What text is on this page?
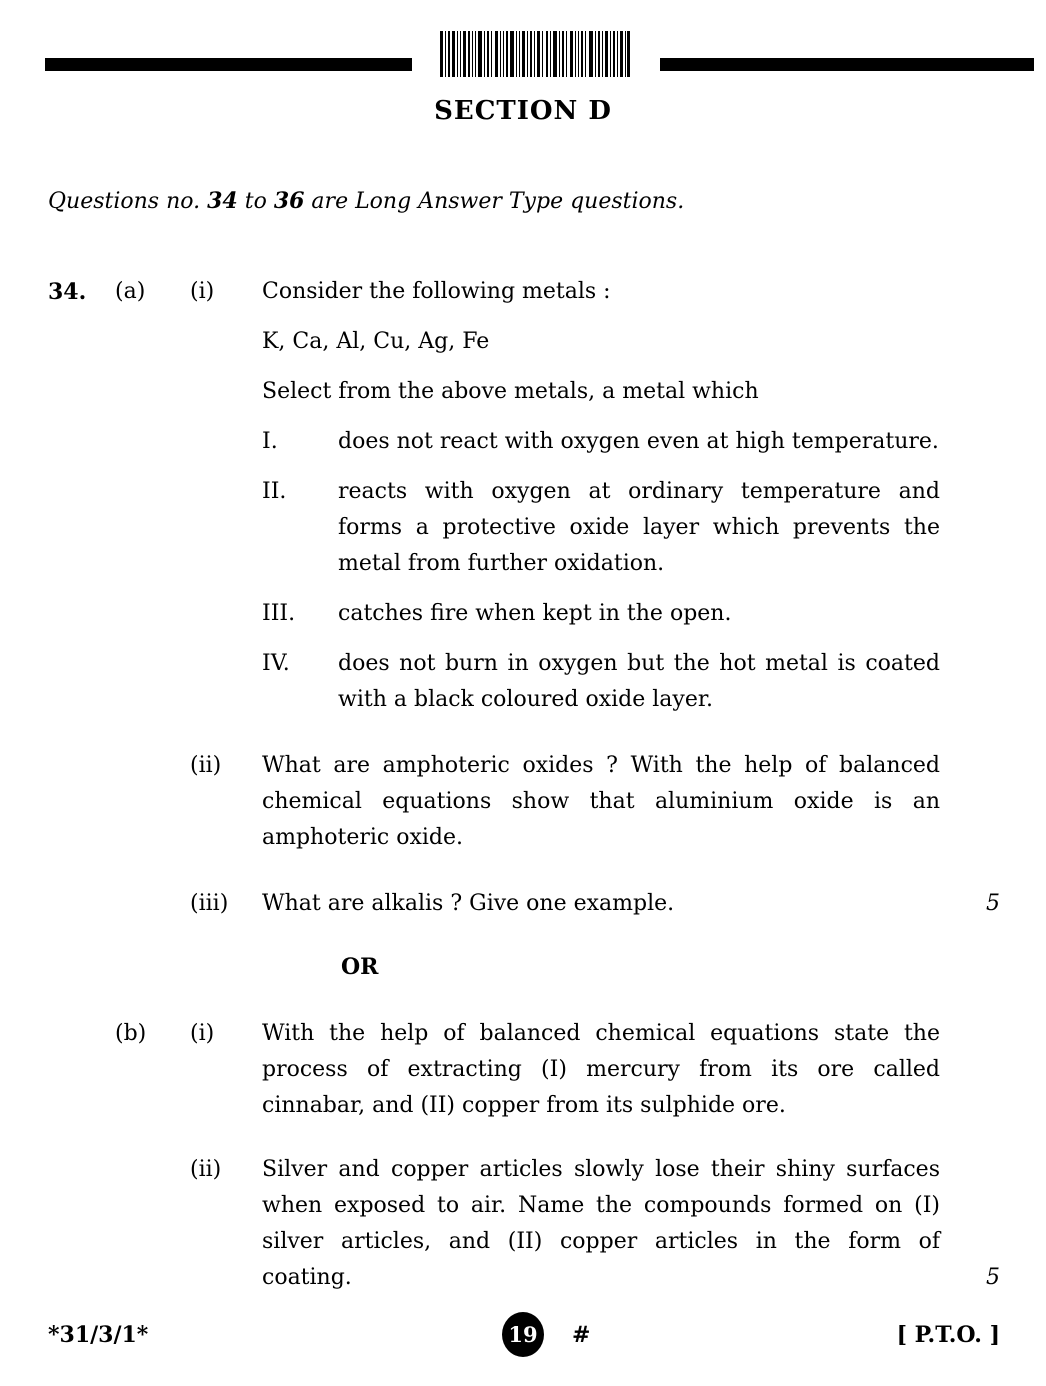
SECTION D

Questions no. 34 to 36 are Long Answer Type questions.

34.	(a)	(i)	Consider the following metals :
K, Ca, Al, Cu, Ag, Fe
Select from the above metals, a metal which
I.	does not react with oxygen even at high temperature.
II.	reacts with oxygen at ordinary temperature and forms a protective oxide layer which prevents the metal from further oxidation.
III.	catches fire when kept in the open.
IV.	does not burn in oxygen but the hot metal is coated with a black coloured oxide layer.
(ii)	What are amphoteric oxides ? With the help of balanced chemical equations show that aluminium oxide is an amphoteric oxide.
(iii)	What are alkalis ? Give one example.	5
OR
(b)	(i)	With the help of balanced chemical equations state the process of extracting (I) mercury from its ore called cinnabar, and (II) copper from its sulphide ore.
(ii)	Silver and copper articles slowly lose their shiny surfaces when exposed to air. Name the compounds formed on (I) silver articles, and (II) copper articles in the form of coating.	5
*31/3/1*	19 #	[ P.T.O. ]
